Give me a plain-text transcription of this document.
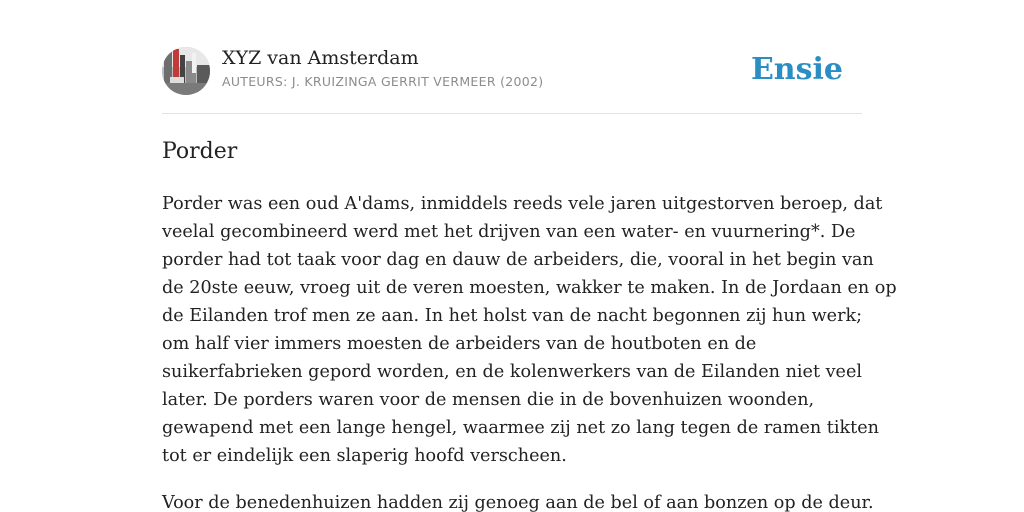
XYZ van Amsterdam
AUTEURS: J. KRUIZINGA GERRIT VERMEER (2002)	Ensie
Porder

Porder was een oud A'dams, inmiddels reeds vele jaren uitgestorven beroep, dat
veelal gecombineerd werd met het drijven van een water- en vuurnering*. De
porder had tot taak voor dag en dauw de arbeiders, die, vooral in het begin van
de 20ste eeuw, vroeg uit de veren moesten, wakker te maken. In de Jordaan en op
de Eilanden trof men ze aan. In het holst van de nacht begonnen zij hun werk;
om half vier immers moesten de arbeiders van de houtboten en de
suikerfabrieken gepord worden, en de kolenwerkers van de Eilanden niet veel
later. De porders waren voor de mensen die in de bovenhuizen woonden,
gewapend met een lange hengel, waarmee zij net zo lang tegen de ramen tikten
tot er eindelijk een slaperig hoofd verscheen.

Voor de benedenhuizen hadden zij genoeg aan de bel of aan bonzen op de deur.
